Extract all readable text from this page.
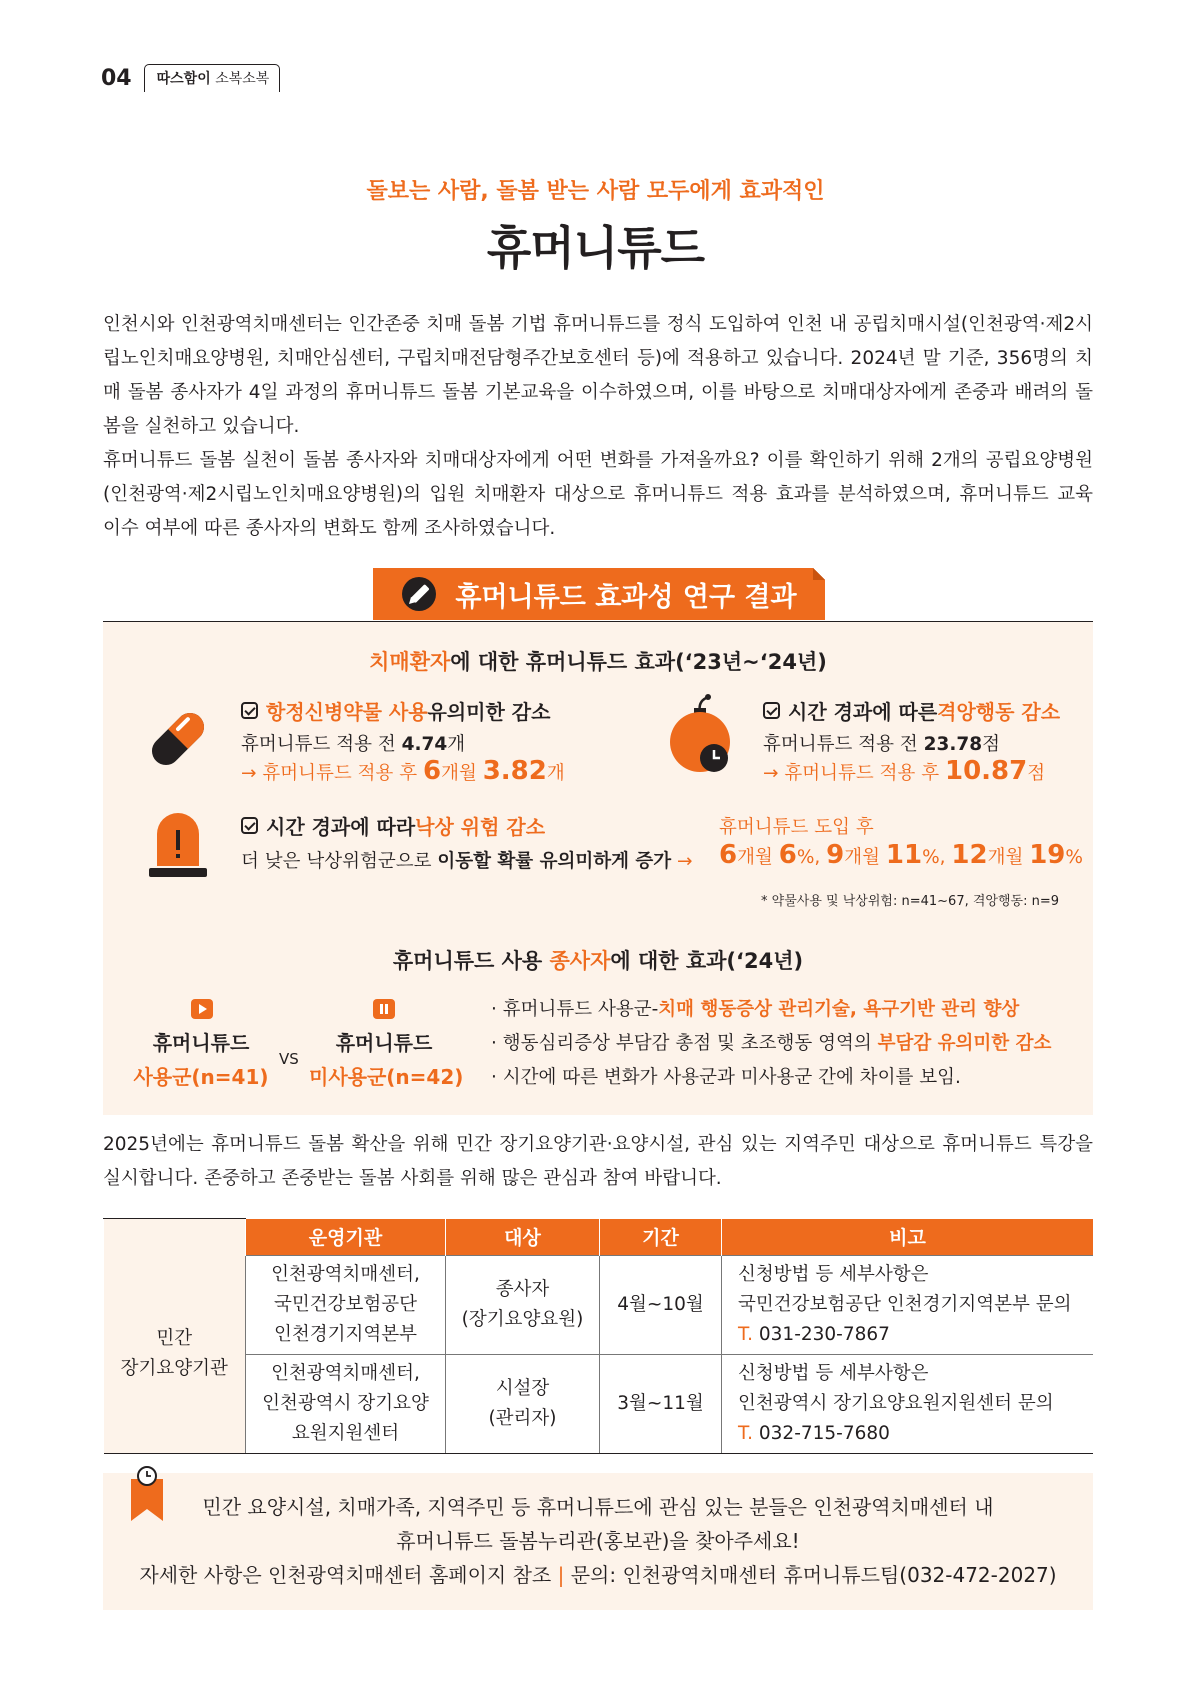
04	따스함이 소복소복
돌보는 사람, 돌봄 받는 사람 모두에게 효과적인
휴머니튜드

인천시와 인천광역치매센터는 인간존중 치매 돌봄 기법 휴머니튜드를 정식 도입하여 인천 내 공립치매시설(인천광역·제2시립노인치매요양병원, 치매안심센터, 구립치매전담형주간보호센터 등)에 적용하고 있습니다. 2024년 말 기준, 356명의 치매 돌봄 종사자가 4일 과정의 휴머니튜드 돌봄 기본교육을 이수하였으며, 이를 바탕으로 치매대상자에게 존중과 배려의 돌봄을 실천하고 있습니다.

휴머니튜드 돌봄 실천이 돌봄 종사자와 치매대상자에게 어떤 변화를 가져올까요? 이를 확인하기 위해 2개의 공립요양병원(인천광역·제2시립노인치매요양병원)의 입원 치매환자 대상으로 휴머니튜드 적용 효과를 분석하였으며, 휴머니튜드 교육 이수 여부에 따른 종사자의 변화도 함께 조사하였습니다.

휴머니튜드 효과성 연구 결과
치매환자에 대한 휴머니튜드 효과(‘23년~‘24년)
항정신병약물 사용 유의미한 감소
휴머니튜드 적용 전 4.74개
→ 휴머니튜드 적용 후 6개월 3.82개
시간 경과에 따른 격앙행동 감소
휴머니튜드 적용 전 23.78점
→ 휴머니튜드 적용 후 10.87점
시간 경과에 따라 낙상 위험 감소
더 낮은 낙상위험군으로 이동할 확률 유의미하게 증가 →
휴머니튜드 도입 후
6개월 6%, 9개월 11%, 12개월 19%
* 약물사용 및 낙상위험: n=41~67, 격앙행동: n=9
휴머니튜드 사용 종사자에 대한 효과(‘24년)
휴머니튜드
사용군(n=41)
VS
휴머니튜드
미사용군(n=42)
· 휴머니튜드 사용군-치매 행동증상 관리기술, 욕구기반 관리 향상
· 행동심리증상 부담감 총점 및 초조행동 영역의 부담감 유의미한 감소
· 시간에 따른 변화가 사용군과 미사용군 간에 차이를 보임.

2025년에는 휴머니튜드 돌봄 확산을 위해 민간 장기요양기관·요양시설, 관심 있는 지역주민 대상으로 휴머니튜드 특강을 실시합니다. 존중하고 존중받는 돌봄 사회를 위해 많은 관심과 참여 바랍니다.

	운영기관	대상	기간	비고
민간
장기요양기관	인천광역치매센터,
국민건강보험공단
인천경기지역본부	종사자
(장기요양요원)	4월~10월	신청방법 등 세부사항은
국민건강보험공단 인천경기지역본부 문의
T. 031-230-7867
	인천광역치매센터,
인천광역시 장기요양
요원지원센터	시설장
(관리자)	3월~11월	신청방법 등 세부사항은
인천광역시 장기요양요원지원센터 문의
T. 032-715-7680
민간 요양시설, 치매가족, 지역주민 등 휴머니튜드에 관심 있는 분들은 인천광역치매센터 내
휴머니튜드 돌봄누리관(홍보관)을 찾아주세요!
자세한 사항은 인천광역치매센터 홈페이지 참조 | 문의: 인천광역치매센터 휴머니튜드팀(032-472-2027)
